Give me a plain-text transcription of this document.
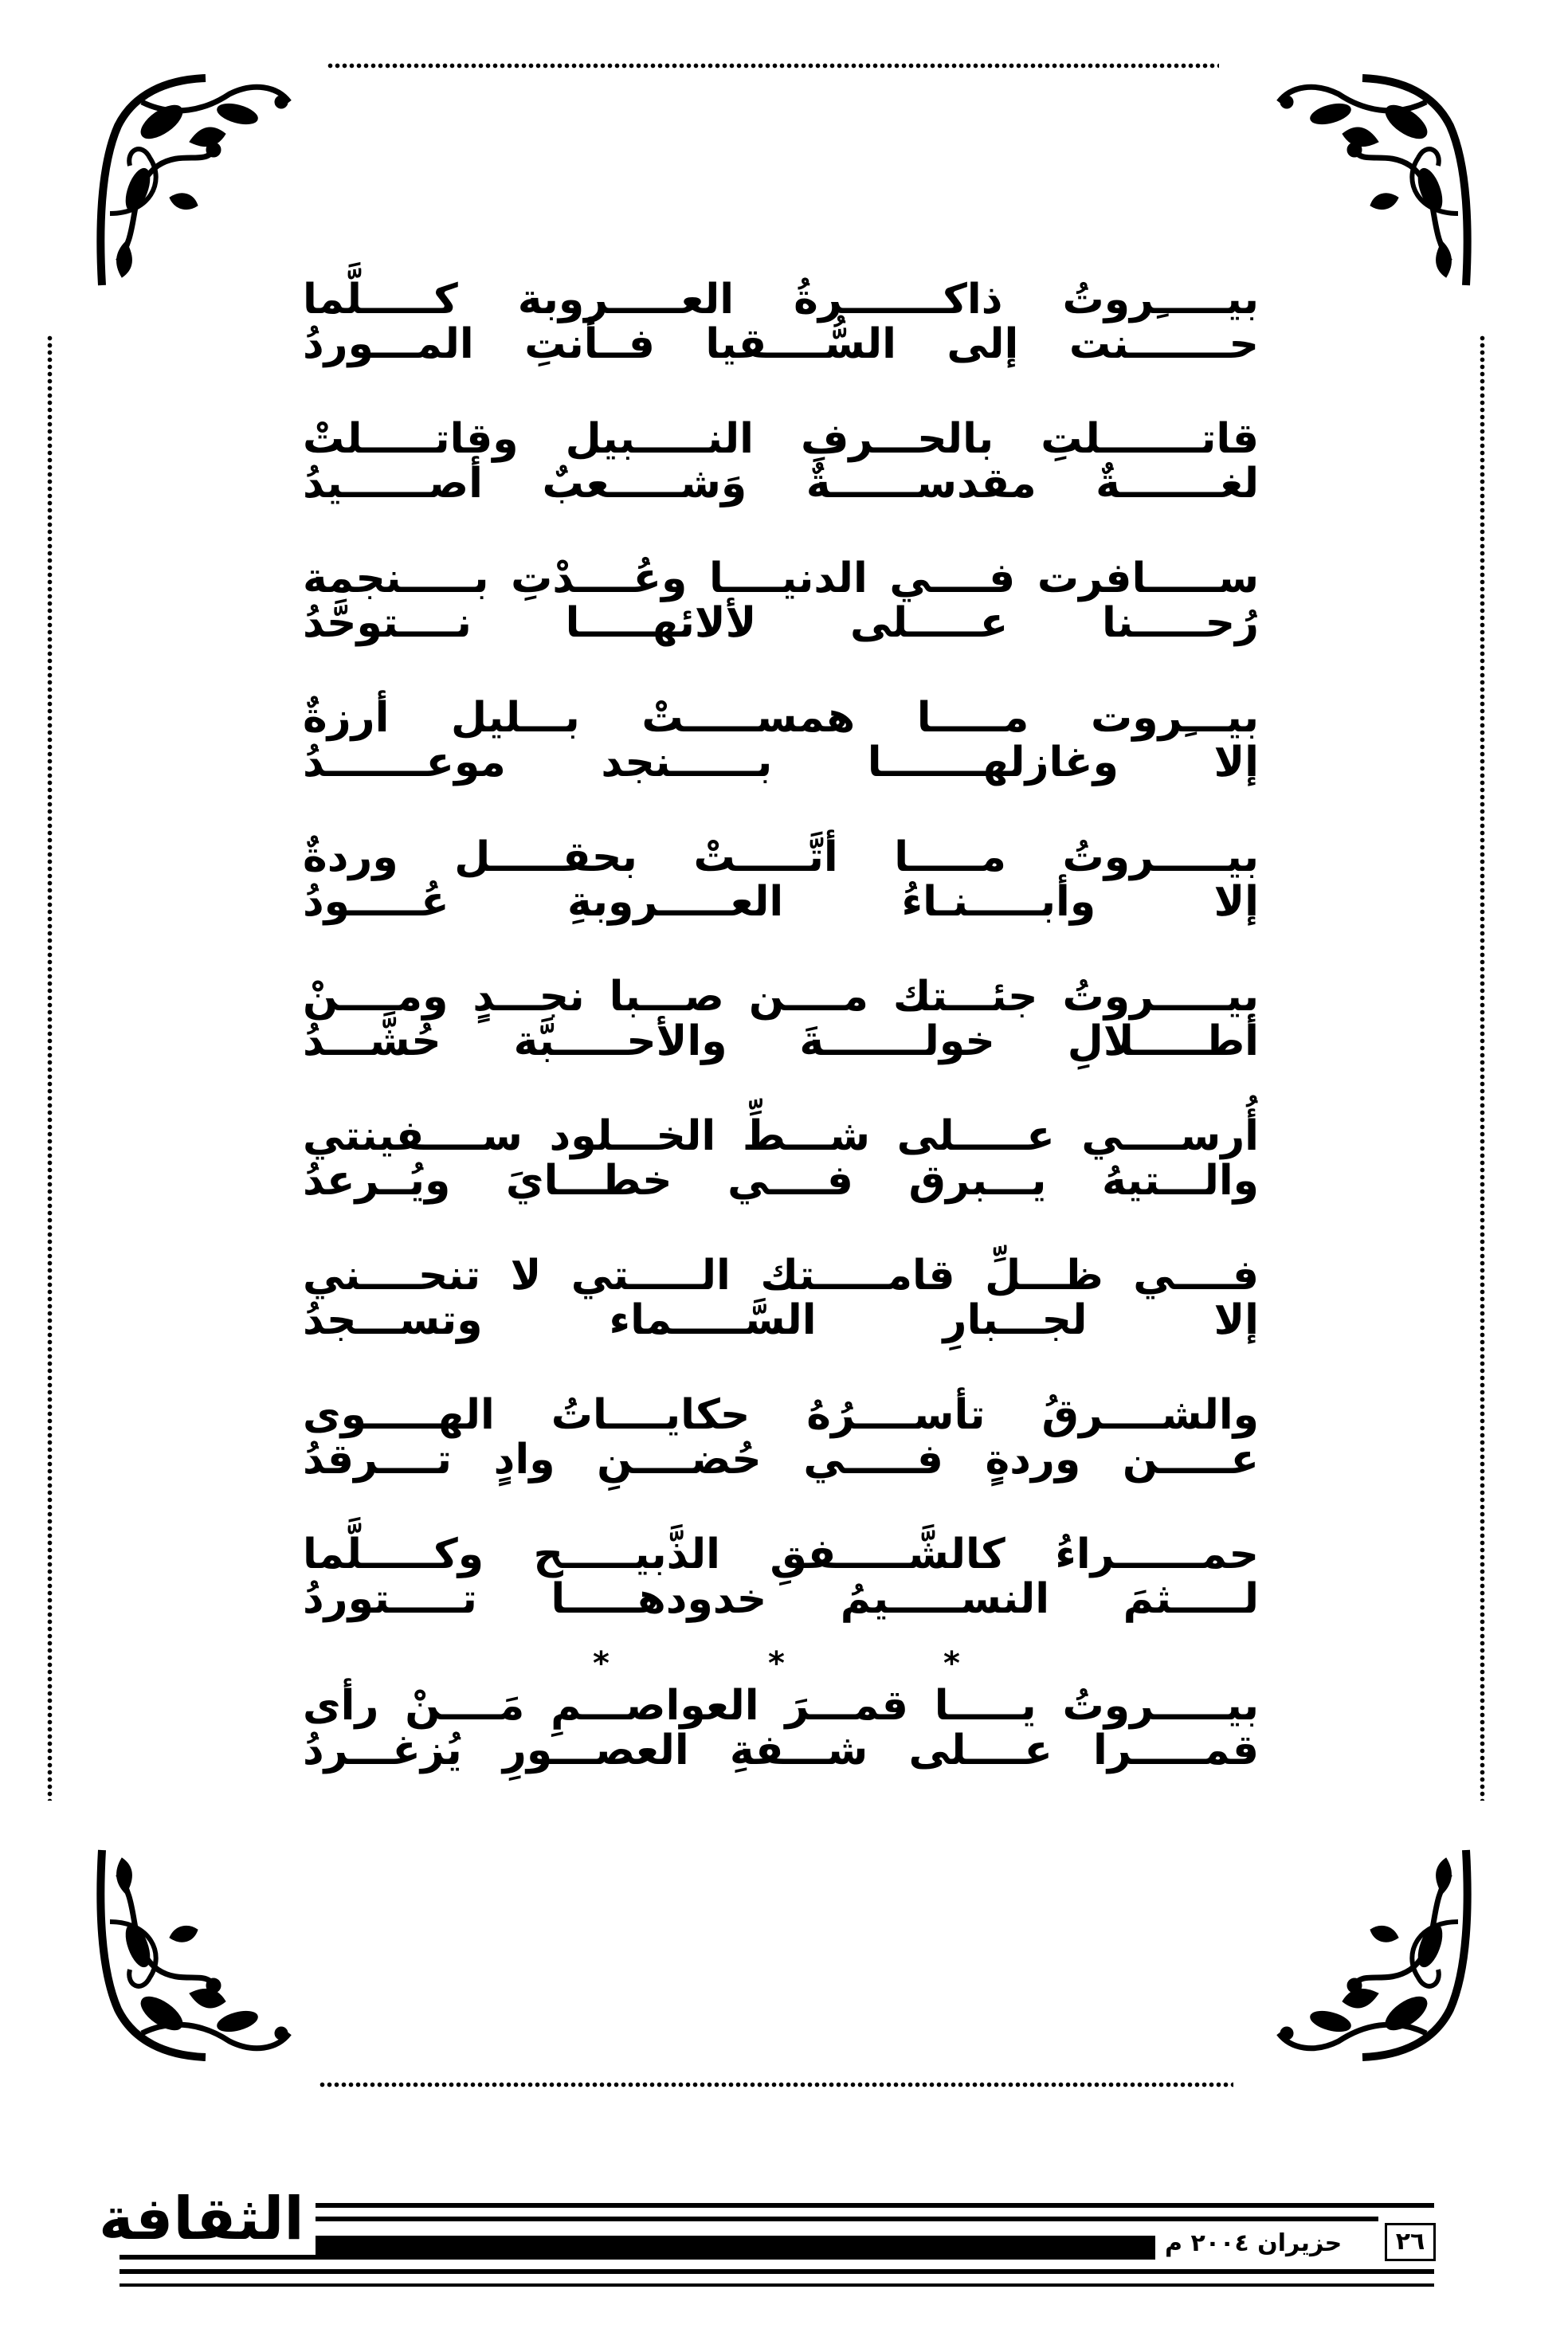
بيـــــِروتُ ذاكـــــــرةُ العـــــروبة كـــــلَّما
حـــــــنت إلى السُّــــقيا فــأنتِ المـــوردُ
قاتـــــــلتِ بالحـــرفِ النـــــبيل وقاتـــــلتْ
لغـــــــةٌ مقدســــــةٌ وَشـــــعبٌ أصــــــيدُ
ســـــافرت فــــي الدنيــــا وعُــــدْتِ بـــــنجمة
رُحـــــنا عـــــلى لألائهـــــا نــــتوحَّدُ
بيـــِروت مـــــا همســـــتْ بـــليل أرزةٌ
إلا وغازلهـــــــا بــــــنجد موعـــــــدُ
بيـــــروتُ مـــــا أتَّـــــتْ بحقـــــل وردةٌ
إلا وأبـــــنـاءُ العـــــروبةِ عُـــــودُ
بيـــــروتُ جئـــتك مــــن صـــبا نجـــدٍ ومــــنْ
أطـــــلالِ خولـــــــةَ والأحـــــبَّة حُشَّـــدُ
أُرســــي عـــــلى شـــطِّ الخـــلود ســــفينتي
والـــتيهُ يـــبرق فــــي خطـــايَ ويُــرعدُ
فــــي ظـــلِّ قامـــــتك الـــــتي لا تنحــــني
إلا لجـــبارِ السَّـــــماء وتســـجدُ
والشــــرقُ تأســــرُهُ حكايــــاتُ الهـــــوى
عـــــن وردةٍ فـــــي حُضــــنِ وادٍ تــــرقدُ
حمــــــراءُ كالشَّـــــفقِ الذَّبيـــــح وكـــــلَّما
لـــــثمَ النســـــيمُ خدودهـــــا تـــــتوردُ
*	*	*
بيـــــروتُ يـــــا قمـــرَ العواصـــمِ مَــــنْ رأى
قمـــــرا عــــلى شـــفةِ العصـــورِ يُزغـــردُ
الثقافة	حزيران ٢٠٠٤ م	٢٦
